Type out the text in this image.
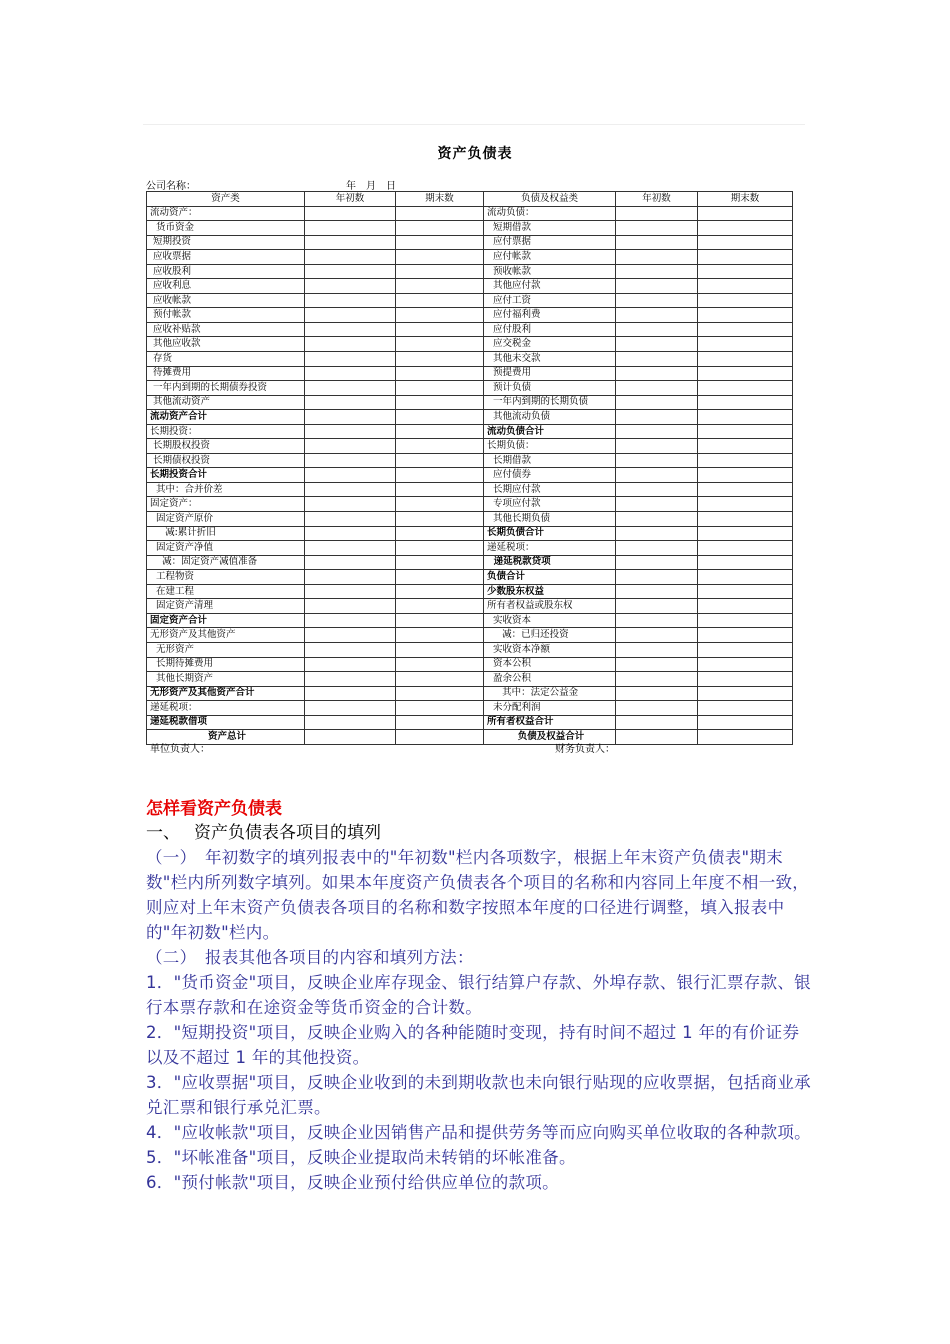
资产负债表
公司名称：	年　月　日
资产类	年初数	期末数	负债及权益类	年初数	期末数
流动资产：			流动负债：		
货币资金			短期借款		
短期投资			应付票据		
应收票据			应付帐款		
应收股利			预收帐款		
应收利息			其他应付款		
应收帐款			应付工资		
预付帐款			应付福利费		
应收补贴款			应付股利		
其他应收款			应交税金		
存货			其他未交款		
待摊费用			预提费用		
一年内到期的长期债券投资			预计负债		
其他流动资产			一年内到期的长期负债		
流动资产合计			其他流动负债		
长期投资：			流动负债合计		
长期股权投资			长期负债：		
长期债权投资			长期借款		
长期投资合计			应付债券		
其中：合并价差			长期应付款		
固定资产：			专项应付款		
固定资产原价			其他长期负债		
减:累计折旧			长期负债合计		
固定资产净值			递延税项：		
减：固定资产减值准备			递延税款贷项		
工程物资			负债合计		
在建工程			少数股东权益		
固定资产清理			所有者权益或股东权		
固定资产合计			实收资本		
无形资产及其他资产			减：已归还投资		
无形资产			实收资本净额		
长期待摊费用			资本公积		
其他长期资产			盈余公积		
无形资产及其他资产合计			其中：法定公益金		
递延税项：			未分配利润		
递延税款借项			所有者权益合计		
资产总计			负债及权益合计		
单位负责人：	财务负责人：
怎样看资产负债表
一、 资产负债表各项目的填列

（一）　年初数字的填列报表中的"年初数"栏内各项数字，根据上年末资产负债表"期末数"栏内所列数字填列。如果本年度资产负债表各个项目的名称和内容同上年度不相一致，则应对上年末资产负债表各项目的名称和数字按照本年度的口径进行调整，填入报表中的"年初数"栏内。

（二）　报表其他各项目的内容和填列方法：

1．"货币资金"项目，反映企业库存现金、银行结算户存款、外埠存款、银行汇票存款、银行本票存款和在途资金等货币资金的合计数。

2．"短期投资"项目，反映企业购入的各种能随时变现，持有时间不超过 1 年的有价证券以及不超过 1 年的其他投资。

3．"应收票据"项目，反映企业收到的未到期收款也未向银行贴现的应收票据，包括商业承兑汇票和银行承兑汇票。

4．"应收帐款"项目，反映企业因销售产品和提供劳务等而应向购买单位收取的各种款项。

5．"坏帐准备"项目，反映企业提取尚未转销的坏帐准备。

6．"预付帐款"项目，反映企业预付给供应单位的款项。
